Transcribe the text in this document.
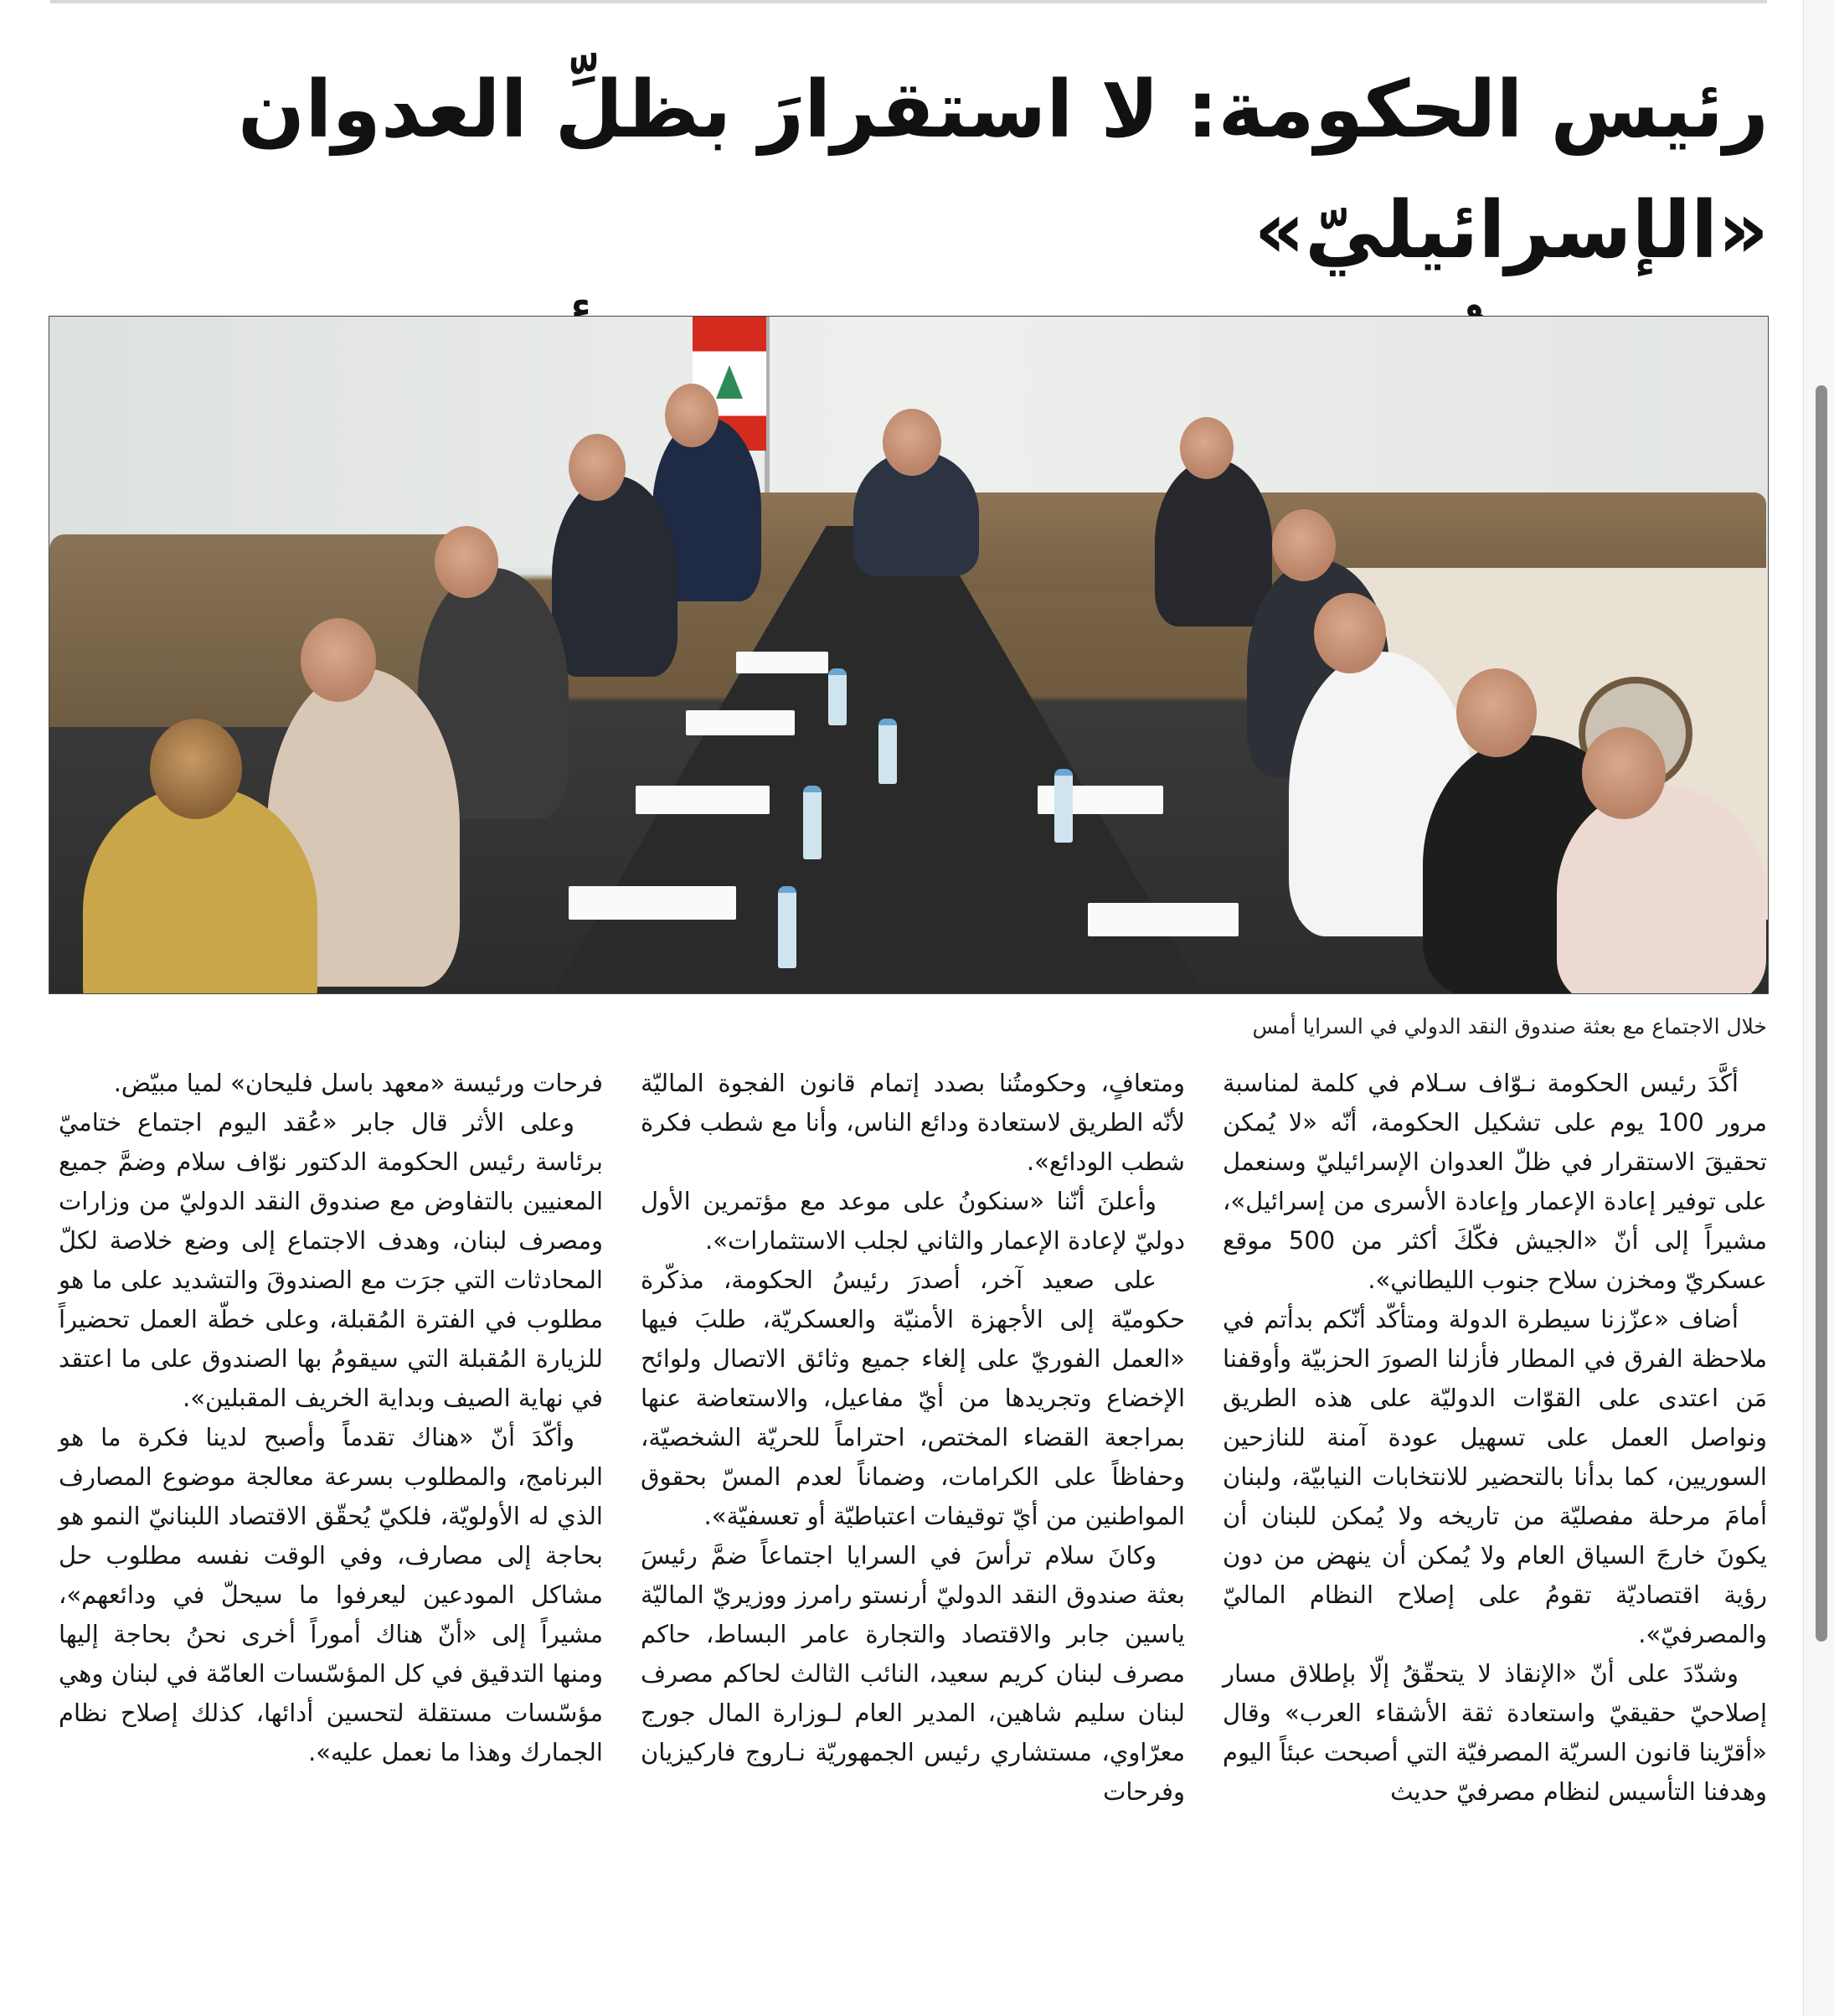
رئيس الحكومة: لا استقرارَ بظلِّ العدوان «الإسرائيليّ»

خلال الاجتماع مع بعثة صندوق النقد الدولي في السرايا أمس

أكَّدَ رئيس الحكومة نـوّاف سـلام في كلمة لمناسبة مرور 100 يوم على تشكيل الحكومة، أنّه «لا يُمكن تحقيقَ الاستقرار في ظلّ العدوان الإسرائيليّ وسنعمل على توفير إعادة الإعمار وإعادة الأسرى من إسرائيل»، مشيراً إلى أنّ «الجيش فكّكَ أكثر من 500 موقع عسكريّ ومخزن سلاح جنوب الليطاني».

أضاف «عزّزنا سيطرة الدولة ومتأكّد أنّكم بدأتم في ملاحظة الفرق في المطار فأزلنا الصورَ الحزبيّة وأوقفنا مَن اعتدى على القوّات الدوليّة على هذه الطريق ونواصل العمل على تسهيل عودة آمنة للنازحين السوريين، كما بدأنا بالتحضير للانتخابات النيابيّة، ولبنان أمامَ مرحلة مفصليّة من تاريخه ولا يُمكن للبنان أن يكونَ خارجَ السياق العام ولا يُمكن أن ينهض من دون رؤية اقتصاديّة تقومُ على إصلاح النظام الماليّ والمصرفيّ».

وشدّدَ على أنّ «الإنقاذ لا يتحقّقُ إلّا بإطلاق مسار إصلاحيّ حقيقيّ واستعادة ثقة الأشقاء العرب» وقال «أقرّينا قانون السريّة المصرفيّة التي أصبحت عبئاً اليوم وهدفنا التأسيس لنظام مصرفيّ حديث

ومتعافٍ، وحكومتُنا بصدد إتمام قانون الفجوة الماليّة لأنّه الطريق لاستعادة ودائع الناس، وأنا مع شطب فكرة شطب الودائع».

وأعلنَ أنّنا «سنكونُ على موعد مع مؤتمرين الأول دوليّ لإعادة الإعمار والثاني لجلب الاستثمارات».

على صعيد آخر، أصدرَ رئيسُ الحكومة، مذكّرة حكوميّة إلى الأجهزة الأمنيّة والعسكريّة، طلبَ فيها «العمل الفوريّ على إلغاء جميع وثائق الاتصال ولوائح الإخضاع وتجريدها من أيّ مفاعيل، والاستعاضة عنها بمراجعة القضاء المختص، احتراماً للحريّة الشخصيّة، وحفاظاً على الكرامات، وضماناً لعدم المسّ بحقوق المواطنين من أيّ توقيفات اعتباطيّة أو تعسفيّة».

وكانَ سلام ترأسَ في السرايا اجتماعاً ضمَّ رئيسَ بعثة صندوق النقد الدوليّ أرنستو رامرز ووزيريّ الماليّة ياسين جابر والاقتصاد والتجارة عامر البساط، حاكم مصرف لبنان كريم سعيد، النائب الثالث لحاكم مصرف لبنان سليم شاهين، المدير العام لـوزارة المال جورج معرّاوي، مستشاري رئيس الجمهوريّة نـاروج فاركيزيان وفرحات

فرحات ورئيسة «معهد باسل فليحان» لميا مبيّض.

وعلى الأثر قال جابر «عُقد اليوم اجتماع ختاميّ برئاسة رئيس الحكومة الدكتور نوّاف سلام وضمَّ جميع المعنيين بالتفاوض مع صندوق النقد الدوليّ من وزارات ومصرف لبنان، وهدف الاجتماع إلى وضع خلاصة لكلّ المحادثات التي جرَت مع الصندوقَ والتشديد على ما هو مطلوب في الفترة المُقبلة، وعلى خطّة العمل تحضيراً للزيارة المُقبلة التي سيقومُ بها الصندوق على ما اعتقد في نهاية الصيف وبداية الخريف المقبلين».

وأكّدَ أنّ «هناك تقدماً وأصبح لدينا فكرة ما هو البرنامج، والمطلوب بسرعة معالجة موضوع المصارف الذي له الأولويّة، فلكيّ يُحقّق الاقتصاد اللبنانيّ النمو هو بحاجة إلى مصارف، وفي الوقت نفسه مطلوب حل مشاكل المودعين ليعرفوا ما سيحلّ في ودائعهم»، مشيراً إلى «أنّ هناك أموراً أخرى نحنُ بحاجة إليها ومنها التدقيق في كل المؤسّسات العامّة في لبنان وهي مؤسّسات مستقلة لتحسين أدائها، كذلك إصلاح نظام الجمارك وهذا ما نعمل عليه».
